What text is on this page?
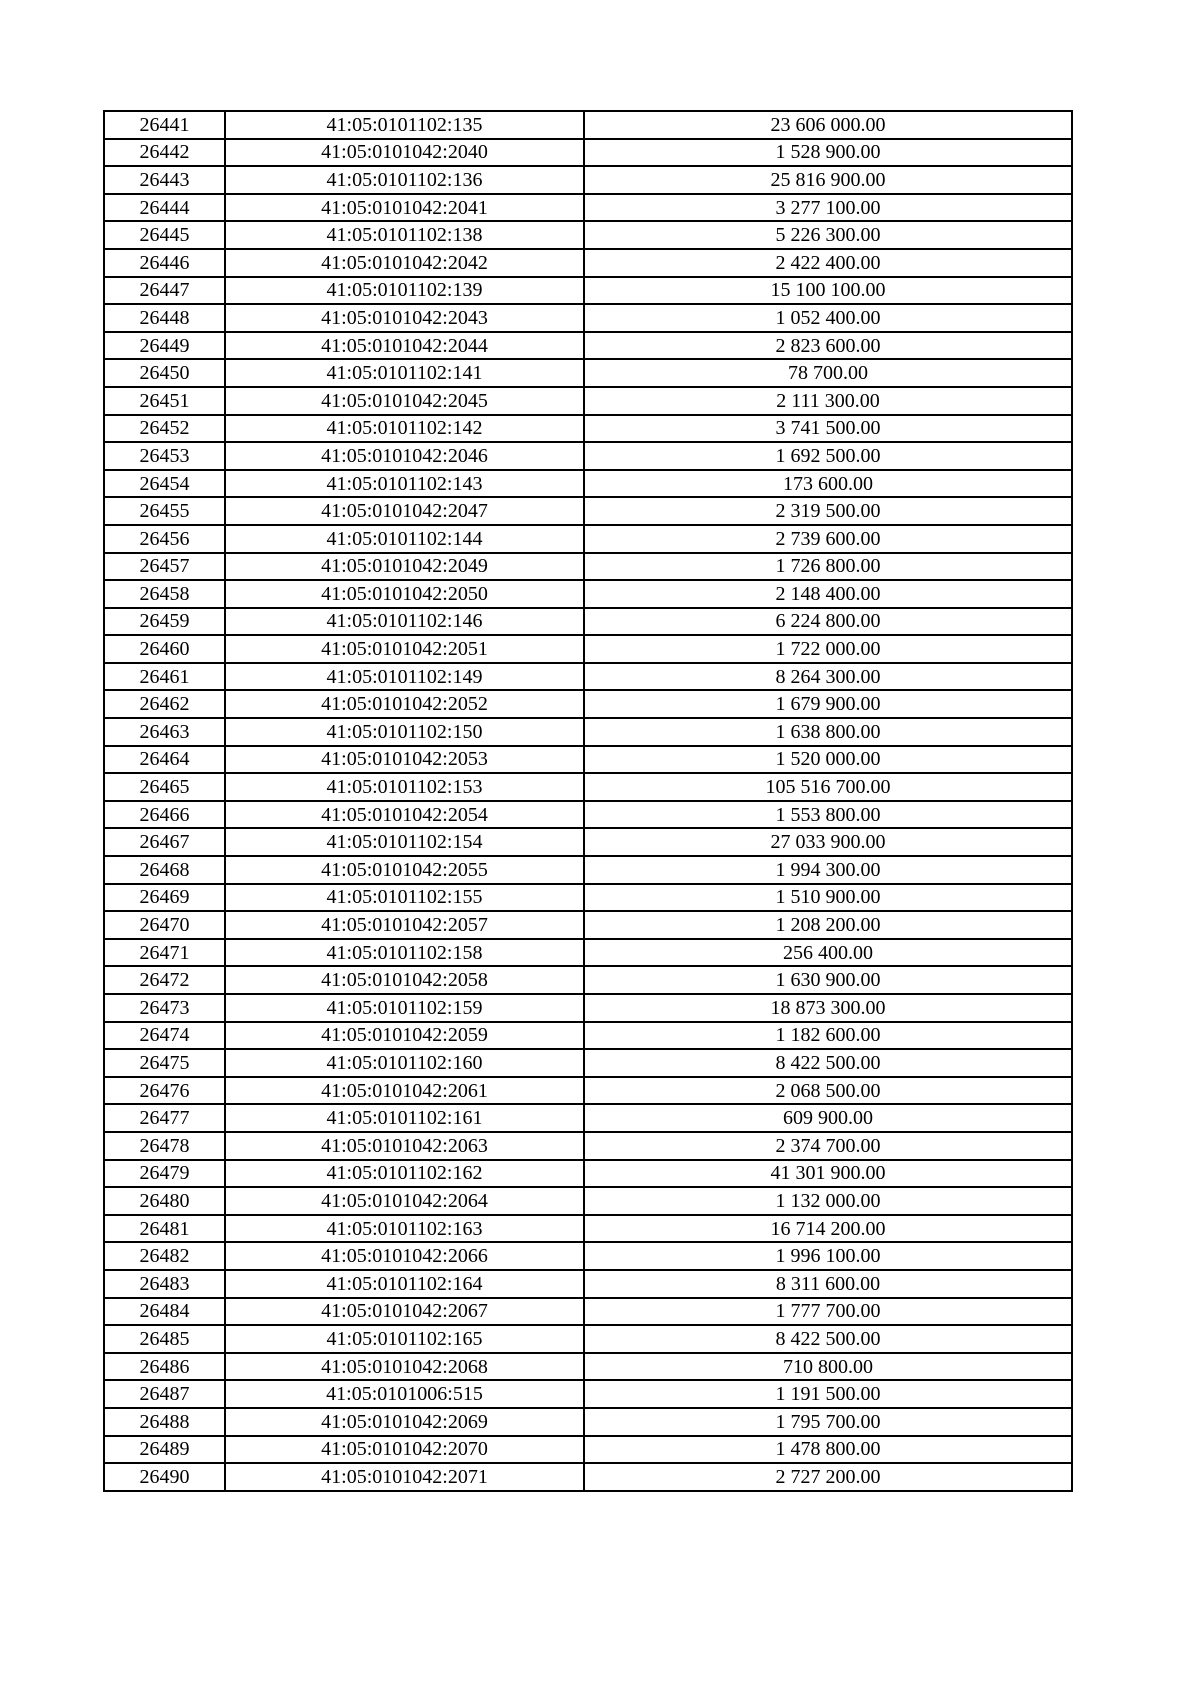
26441	41:05:0101102:135	23 606 000.00
26442	41:05:0101042:2040	1 528 900.00
26443	41:05:0101102:136	25 816 900.00
26444	41:05:0101042:2041	3 277 100.00
26445	41:05:0101102:138	5 226 300.00
26446	41:05:0101042:2042	2 422 400.00
26447	41:05:0101102:139	15 100 100.00
26448	41:05:0101042:2043	1 052 400.00
26449	41:05:0101042:2044	2 823 600.00
26450	41:05:0101102:141	78 700.00
26451	41:05:0101042:2045	2 111 300.00
26452	41:05:0101102:142	3 741 500.00
26453	41:05:0101042:2046	1 692 500.00
26454	41:05:0101102:143	173 600.00
26455	41:05:0101042:2047	2 319 500.00
26456	41:05:0101102:144	2 739 600.00
26457	41:05:0101042:2049	1 726 800.00
26458	41:05:0101042:2050	2 148 400.00
26459	41:05:0101102:146	6 224 800.00
26460	41:05:0101042:2051	1 722 000.00
26461	41:05:0101102:149	8 264 300.00
26462	41:05:0101042:2052	1 679 900.00
26463	41:05:0101102:150	1 638 800.00
26464	41:05:0101042:2053	1 520 000.00
26465	41:05:0101102:153	105 516 700.00
26466	41:05:0101042:2054	1 553 800.00
26467	41:05:0101102:154	27 033 900.00
26468	41:05:0101042:2055	1 994 300.00
26469	41:05:0101102:155	1 510 900.00
26470	41:05:0101042:2057	1 208 200.00
26471	41:05:0101102:158	256 400.00
26472	41:05:0101042:2058	1 630 900.00
26473	41:05:0101102:159	18 873 300.00
26474	41:05:0101042:2059	1 182 600.00
26475	41:05:0101102:160	8 422 500.00
26476	41:05:0101042:2061	2 068 500.00
26477	41:05:0101102:161	609 900.00
26478	41:05:0101042:2063	2 374 700.00
26479	41:05:0101102:162	41 301 900.00
26480	41:05:0101042:2064	1 132 000.00
26481	41:05:0101102:163	16 714 200.00
26482	41:05:0101042:2066	1 996 100.00
26483	41:05:0101102:164	8 311 600.00
26484	41:05:0101042:2067	1 777 700.00
26485	41:05:0101102:165	8 422 500.00
26486	41:05:0101042:2068	710 800.00
26487	41:05:0101006:515	1 191 500.00
26488	41:05:0101042:2069	1 795 700.00
26489	41:05:0101042:2070	1 478 800.00
26490	41:05:0101042:2071	2 727 200.00
